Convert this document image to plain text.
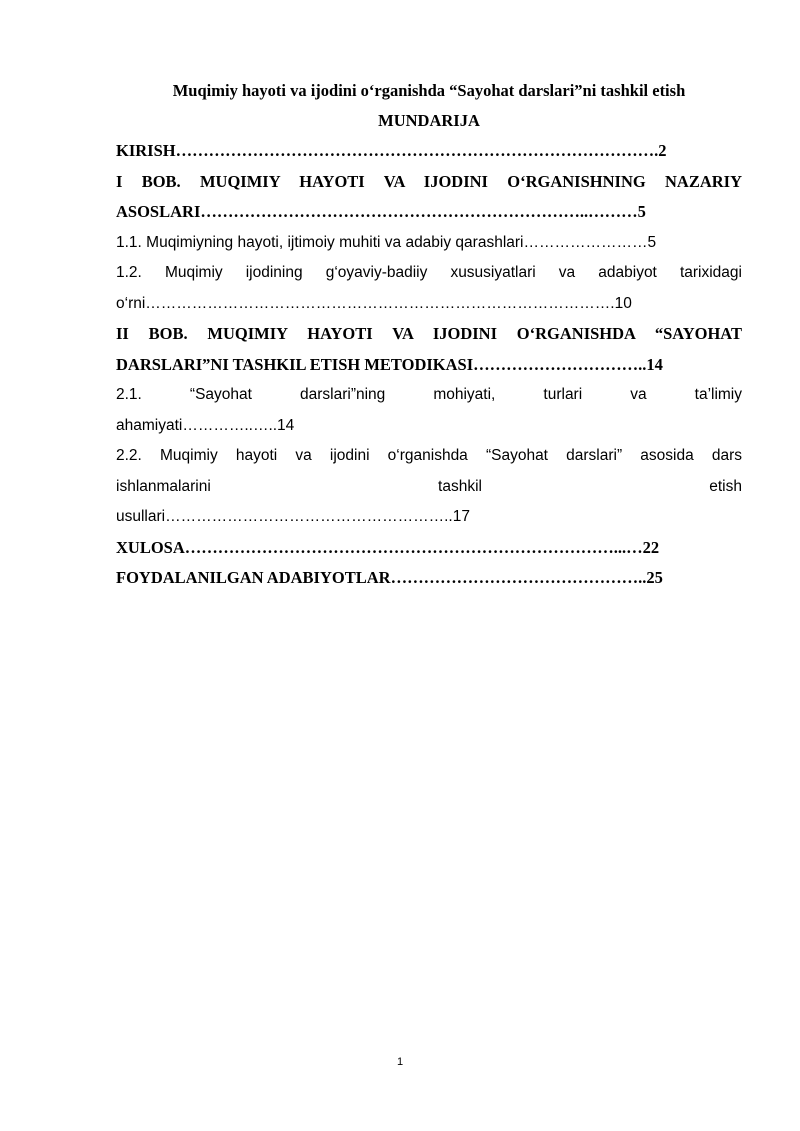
Muqimiy hayoti va ijodini o‘rganishda “Sayohat darslari”ni tashkil etish

MUNDARIJA

KIRISH…………………………………………………………………………….2

I BOB. MUQIMIY HAYOTI VA IJODINI O‘RGANISHNING NAZARIY
ASOSLARI……………………………………………………………..………5

1.1. Muqimiyning hayoti, ijtimoiy muhiti va adabiy qarashlari……………………5

1.2. Muqimiy ijodining g‘oyaviy-badiiy xususiyatlari va adabiyot tarixidagi
o‘rni……………………………………………………………………………….10
II BOB. MUQIMIY HAYOTI VA IJODINI O‘RGANISHDA “SAYOHAT
DARSLARI”NI TASHKIL ETISH METODIKASI…………………………..14
2.1. “Sayohat darslari”ning mohiyati, turlari va ta’limiy
ahamiyati…………..…..14
2.2. Muqimiy hayoti va ijodini o‘rganishda “Sayohat darslari” asosida dars
ishlanmalarini tashkil etish
usullari………………………………………………..17

XULOSA……………………………………………………………………...…22

FOYDALANILGAN ADABIYOTLAR………………………………………..25

1
